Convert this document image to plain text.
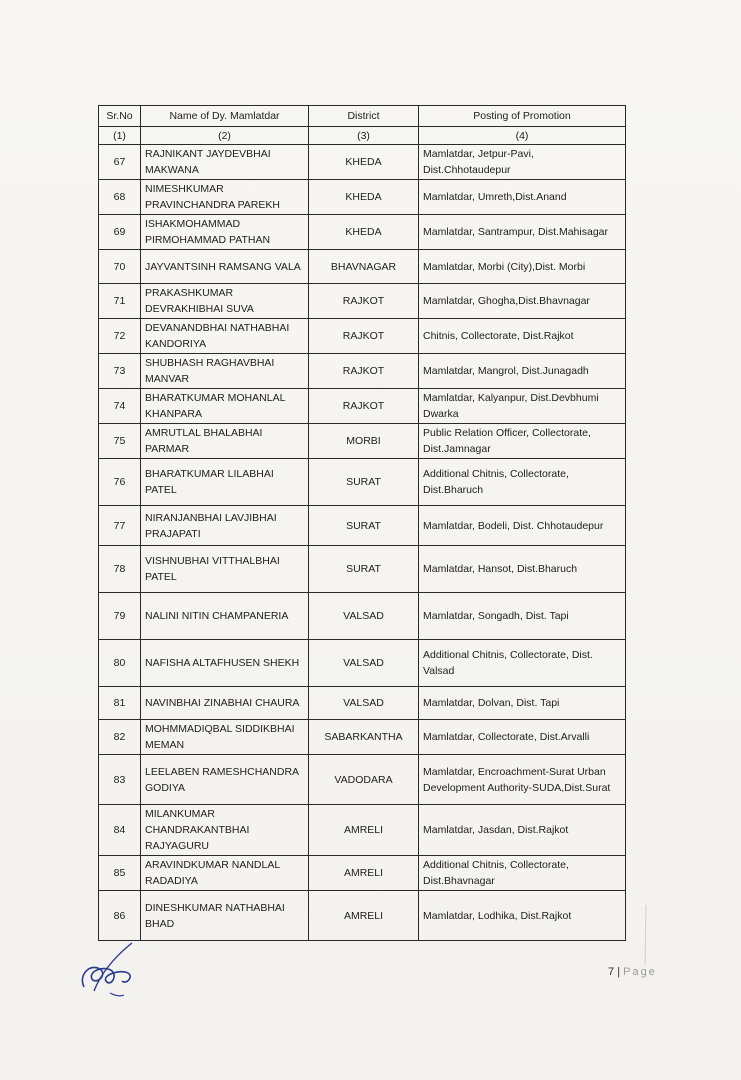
Sr.No	Name of Dy. Mamlatdar	District	Posting of Promotion
(1)	(2)	(3)	(4)
67	RAJNIKANT JAYDEVBHAI MAKWANA	KHEDA	Mamlatdar, Jetpur-Pavi, Dist.Chhotaudepur
68	NIMESHKUMAR PRAVINCHANDRA PAREKH	KHEDA	Mamlatdar, Umreth,Dist.Anand
69	ISHAKMOHAMMAD PIRMOHAMMAD PATHAN	KHEDA	Mamlatdar, Santrampur, Dist.Mahisagar
70	JAYVANTSINH RAMSANG VALA	BHAVNAGAR	Mamlatdar, Morbi (City),Dist. Morbi
71	PRAKASHKUMAR DEVRAKHIBHAI SUVA	RAJKOT	Mamlatdar, Ghogha,Dist.Bhavnagar
72	DEVANANDBHAI NATHABHAI KANDORIYA	RAJKOT	Chitnis, Collectorate, Dist.Rajkot
73	SHUBHASH RAGHAVBHAI MANVAR	RAJKOT	Mamlatdar, Mangrol, Dist.Junagadh
74	BHARATKUMAR MOHANLAL KHANPARA	RAJKOT	Mamlatdar, Kalyanpur, Dist.Devbhumi Dwarka
75	AMRUTLAL BHALABHAI PARMAR	MORBI	Public Relation Officer, Collectorate, Dist.Jamnagar
76	BHARATKUMAR LILABHAI PATEL	SURAT	Additional Chitnis, Collectorate, Dist.Bharuch
77	NIRANJANBHAI LAVJIBHAI PRAJAPATI	SURAT	Mamlatdar, Bodeli, Dist. Chhotaudepur
78	VISHNUBHAI VITTHALBHAI PATEL	SURAT	Mamlatdar, Hansot, Dist.Bharuch
79	NALINI NITIN CHAMPANERIA	VALSAD	Mamlatdar, Songadh, Dist. Tapi
80	NAFISHA ALTAFHUSEN SHEKH	VALSAD	Additional Chitnis, Collectorate, Dist. Valsad
81	NAVINBHAI ZINABHAI CHAURA	VALSAD	Mamlatdar, Dolvan, Dist. Tapi
82	MOHMMADIQBAL SIDDIKBHAI MEMAN	SABARKANTHA	Mamlatdar, Collectorate, Dist.Arvalli
83	LEELABEN RAMESHCHANDRA GODIYA	VADODARA	Mamlatdar, Encroachment-Surat Urban Development Authority-SUDA,Dist.Surat
84	MILANKUMAR CHANDRAKANTBHAI RAJYAGURU	AMRELI	Mamlatdar, Jasdan, Dist.Rajkot
85	ARAVINDKUMAR NANDLAL RADADIYA	AMRELI	Additional Chitnis, Collectorate, Dist.Bhavnagar
86	DINESHKUMAR NATHABHAI BHAD	AMRELI	Mamlatdar, Lodhika, Dist.Rajkot
7 | Page
